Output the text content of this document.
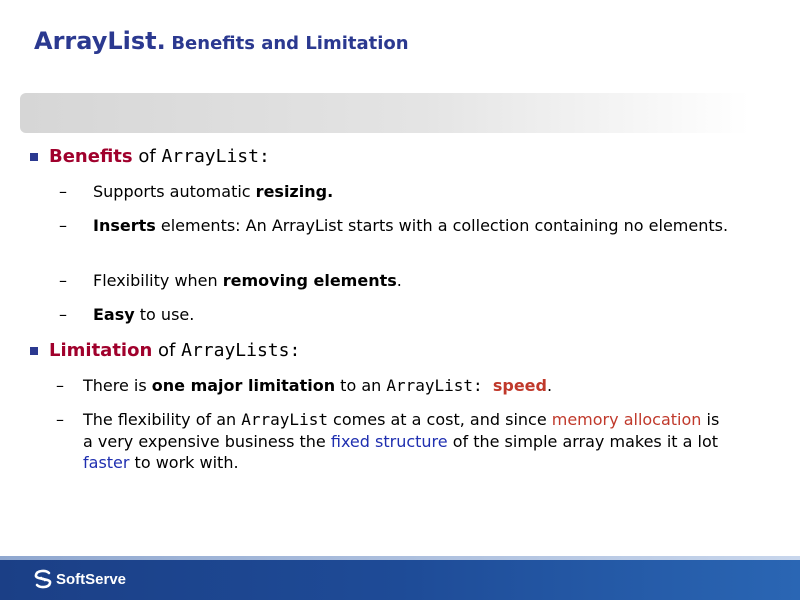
ArrayList. Benefits and Limitation
Benefits of ArrayList:
– Supports automatic resizing.
– Inserts elements: An ArrayList starts with a collection containing no elements.
– Flexibility when removing elements.
– Easy to use.
Limitation of ArrayLists:
– There is one major limitation to an ArrayList: speed.
– The flexibility of an ArrayList comes at a cost, and since memory allocation is a very expensive business the fixed structure of the simple array makes it a lot faster to work with.
SoftServe
